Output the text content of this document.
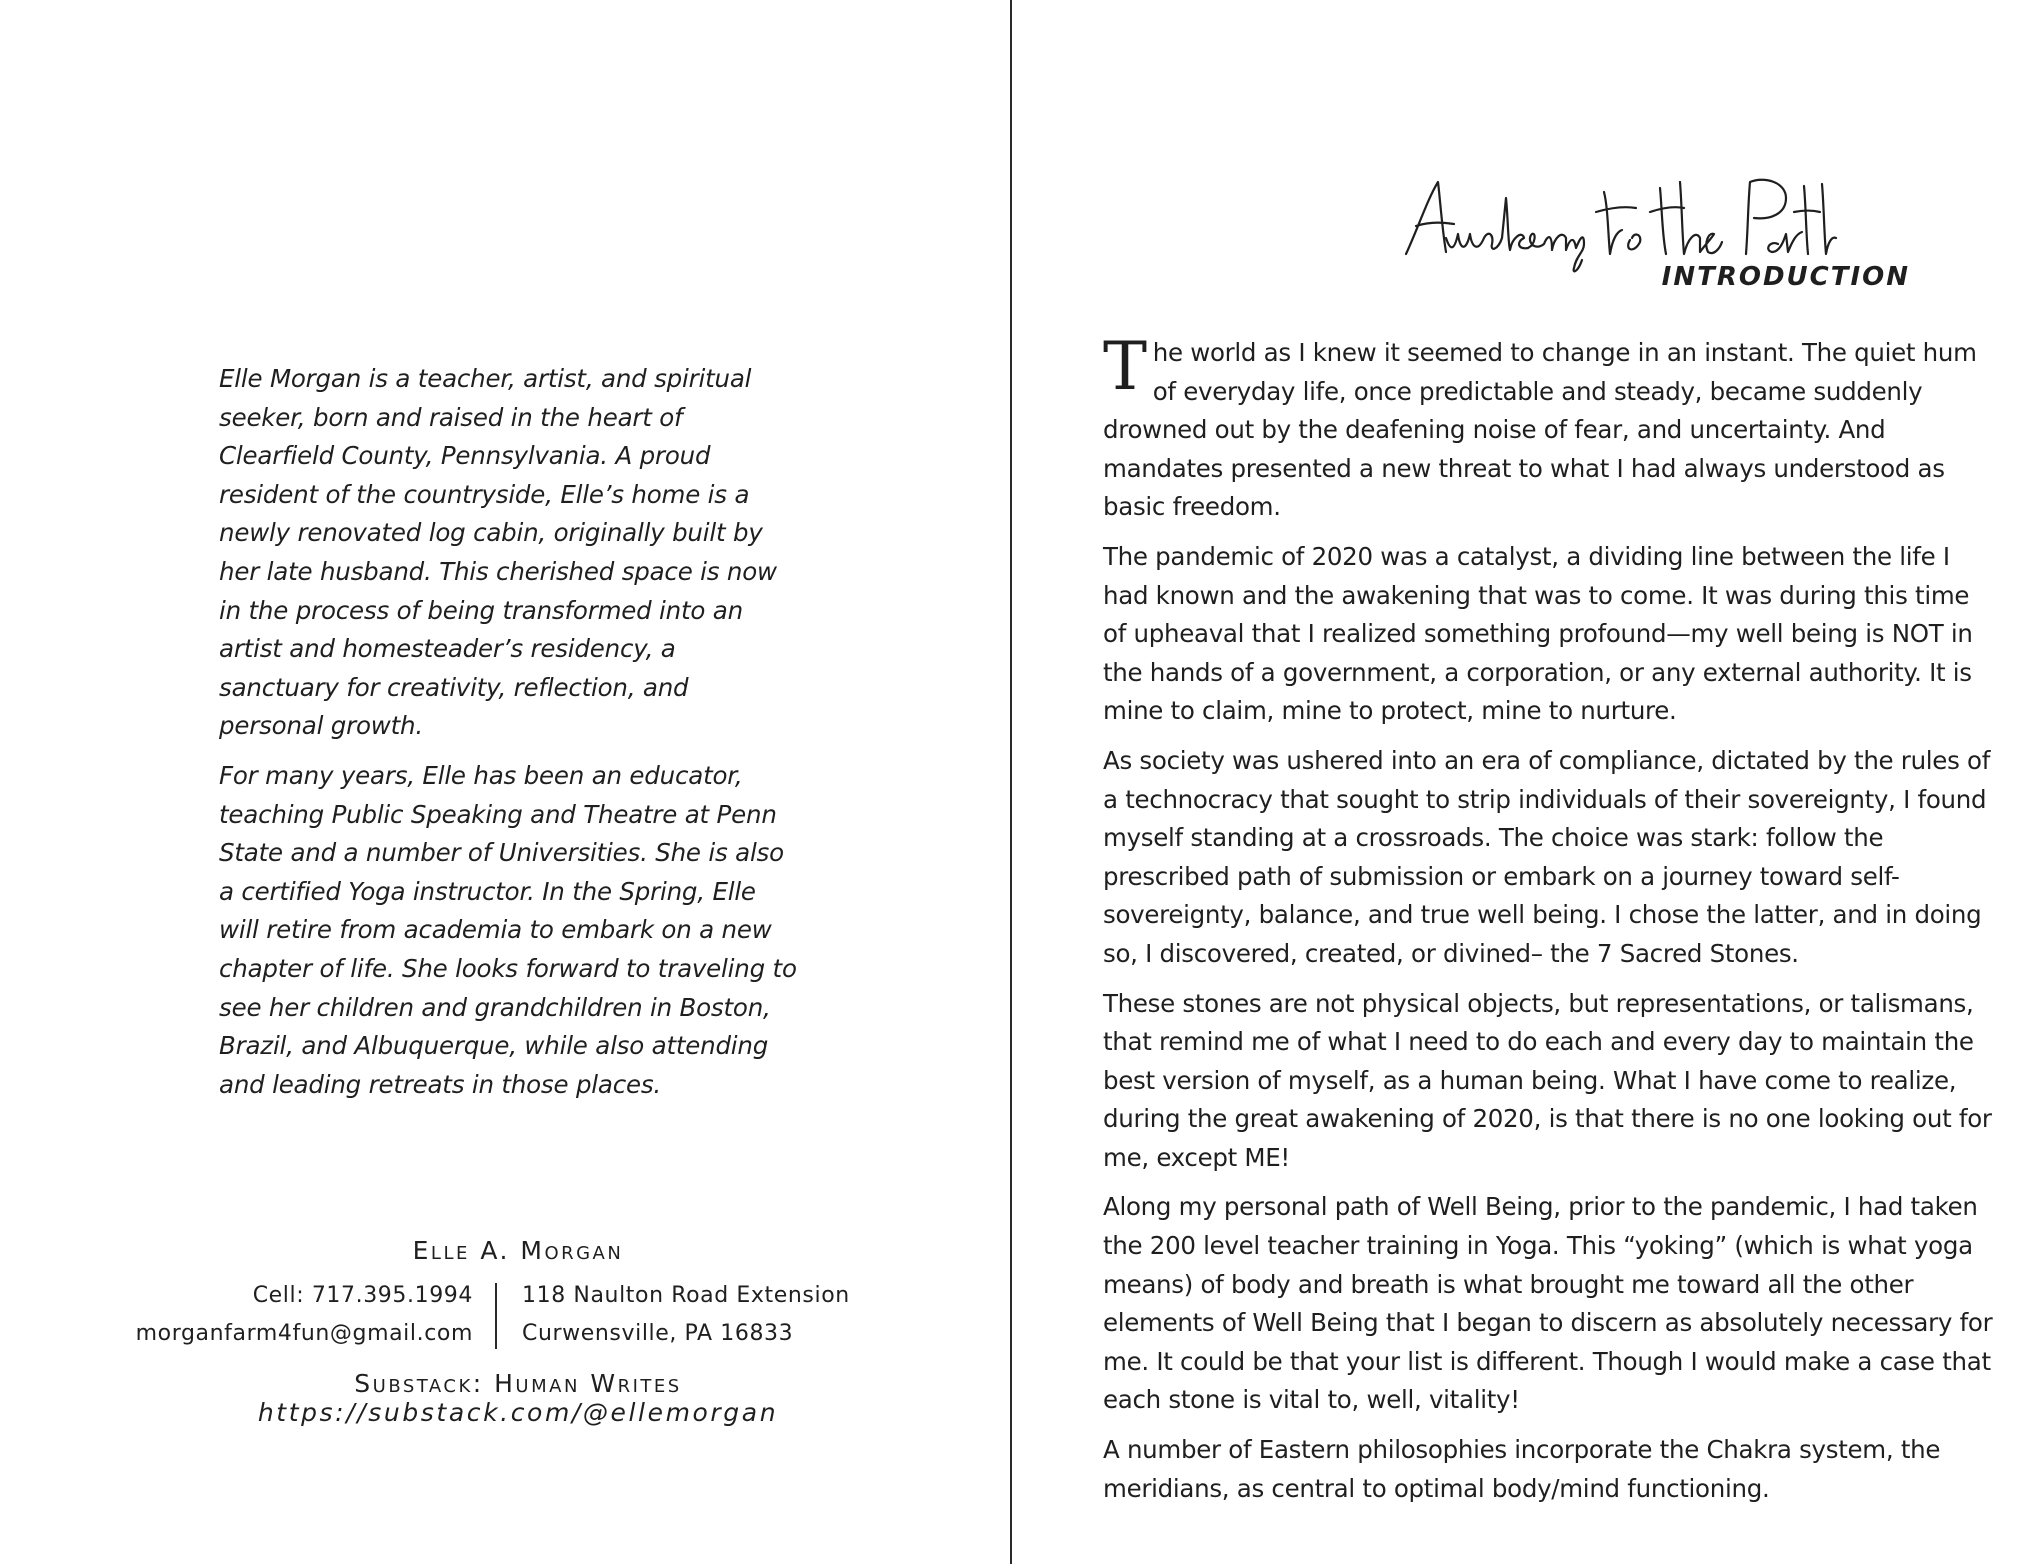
Elle Morgan is a teacher, artist, and spiritual seeker, born and raised in the heart of Clearfield County, Pennsylvania. A proud resident of the countryside, Elle’s home is a newly renovated log cabin, originally built by her late husband. This cherished space is now in the process of being transformed into an artist and homesteader’s residency, a sanctuary for creativity, reflection, and personal growth.

For many years, Elle has been an educator, teaching Public Speaking and Theatre at Penn State and a number of Universities. She is also a certified Yoga instructor. In the Spring, Elle will retire from academia to embark on a new chapter of life. She looks forward to traveling to see her children and grandchildren in Boston, Brazil, and Albuquerque, while also attending and leading retreats in those places.

Elle A. Morgan
Cell: 717.395.1994
morganfarm4fun@gmail.com
118 Naulton Road Extension
Curwensville, PA 16833
Substack: Human Writes
https://substack.com/@ellemorgan
INTRODUCTION

The world as I knew it seemed to change in an instant. The quiet hum of everyday life, once predictable and steady, became suddenly drowned out by the deafening noise of fear, and uncertainty. And mandates presented a new threat to what I had always understood as basic freedom.

The pandemic of 2020 was a catalyst, a dividing line between the life I had known and the awakening that was to come. It was during this time of upheaval that I realized something profound—my well being is NOT in the hands of a government, a corporation, or any external authority. It is mine to claim, mine to protect, mine to nurture.

As society was ushered into an era of compliance, dictated by the rules of a technocracy that sought to strip individuals of their sovereignty, I found myself standing at a crossroads. The choice was stark: follow the prescribed path of submission or embark on a journey toward self-sovereignty, balance, and true well being. I chose the latter, and in doing so, I discovered, created, or divined– the 7 Sacred Stones.

These stones are not physical objects, but representations, or talismans, that remind me of what I need to do each and every day to maintain the best version of myself, as a human being. What I have come to realize, during the great awakening of 2020, is that there is no one looking out for me, except ME!

Along my personal path of Well Being, prior to the pandemic, I had taken the 200 level teacher training in Yoga. This “yoking” (which is what yoga means) of body and breath is what brought me toward all the other elements of Well Being that I began to discern as absolutely necessary for me. It could be that your list is different. Though I would make a case that each stone is vital to, well, vitality!

A number of Eastern philosophies incorporate the Chakra system, the meridians, as central to optimal body/mind functioning.
